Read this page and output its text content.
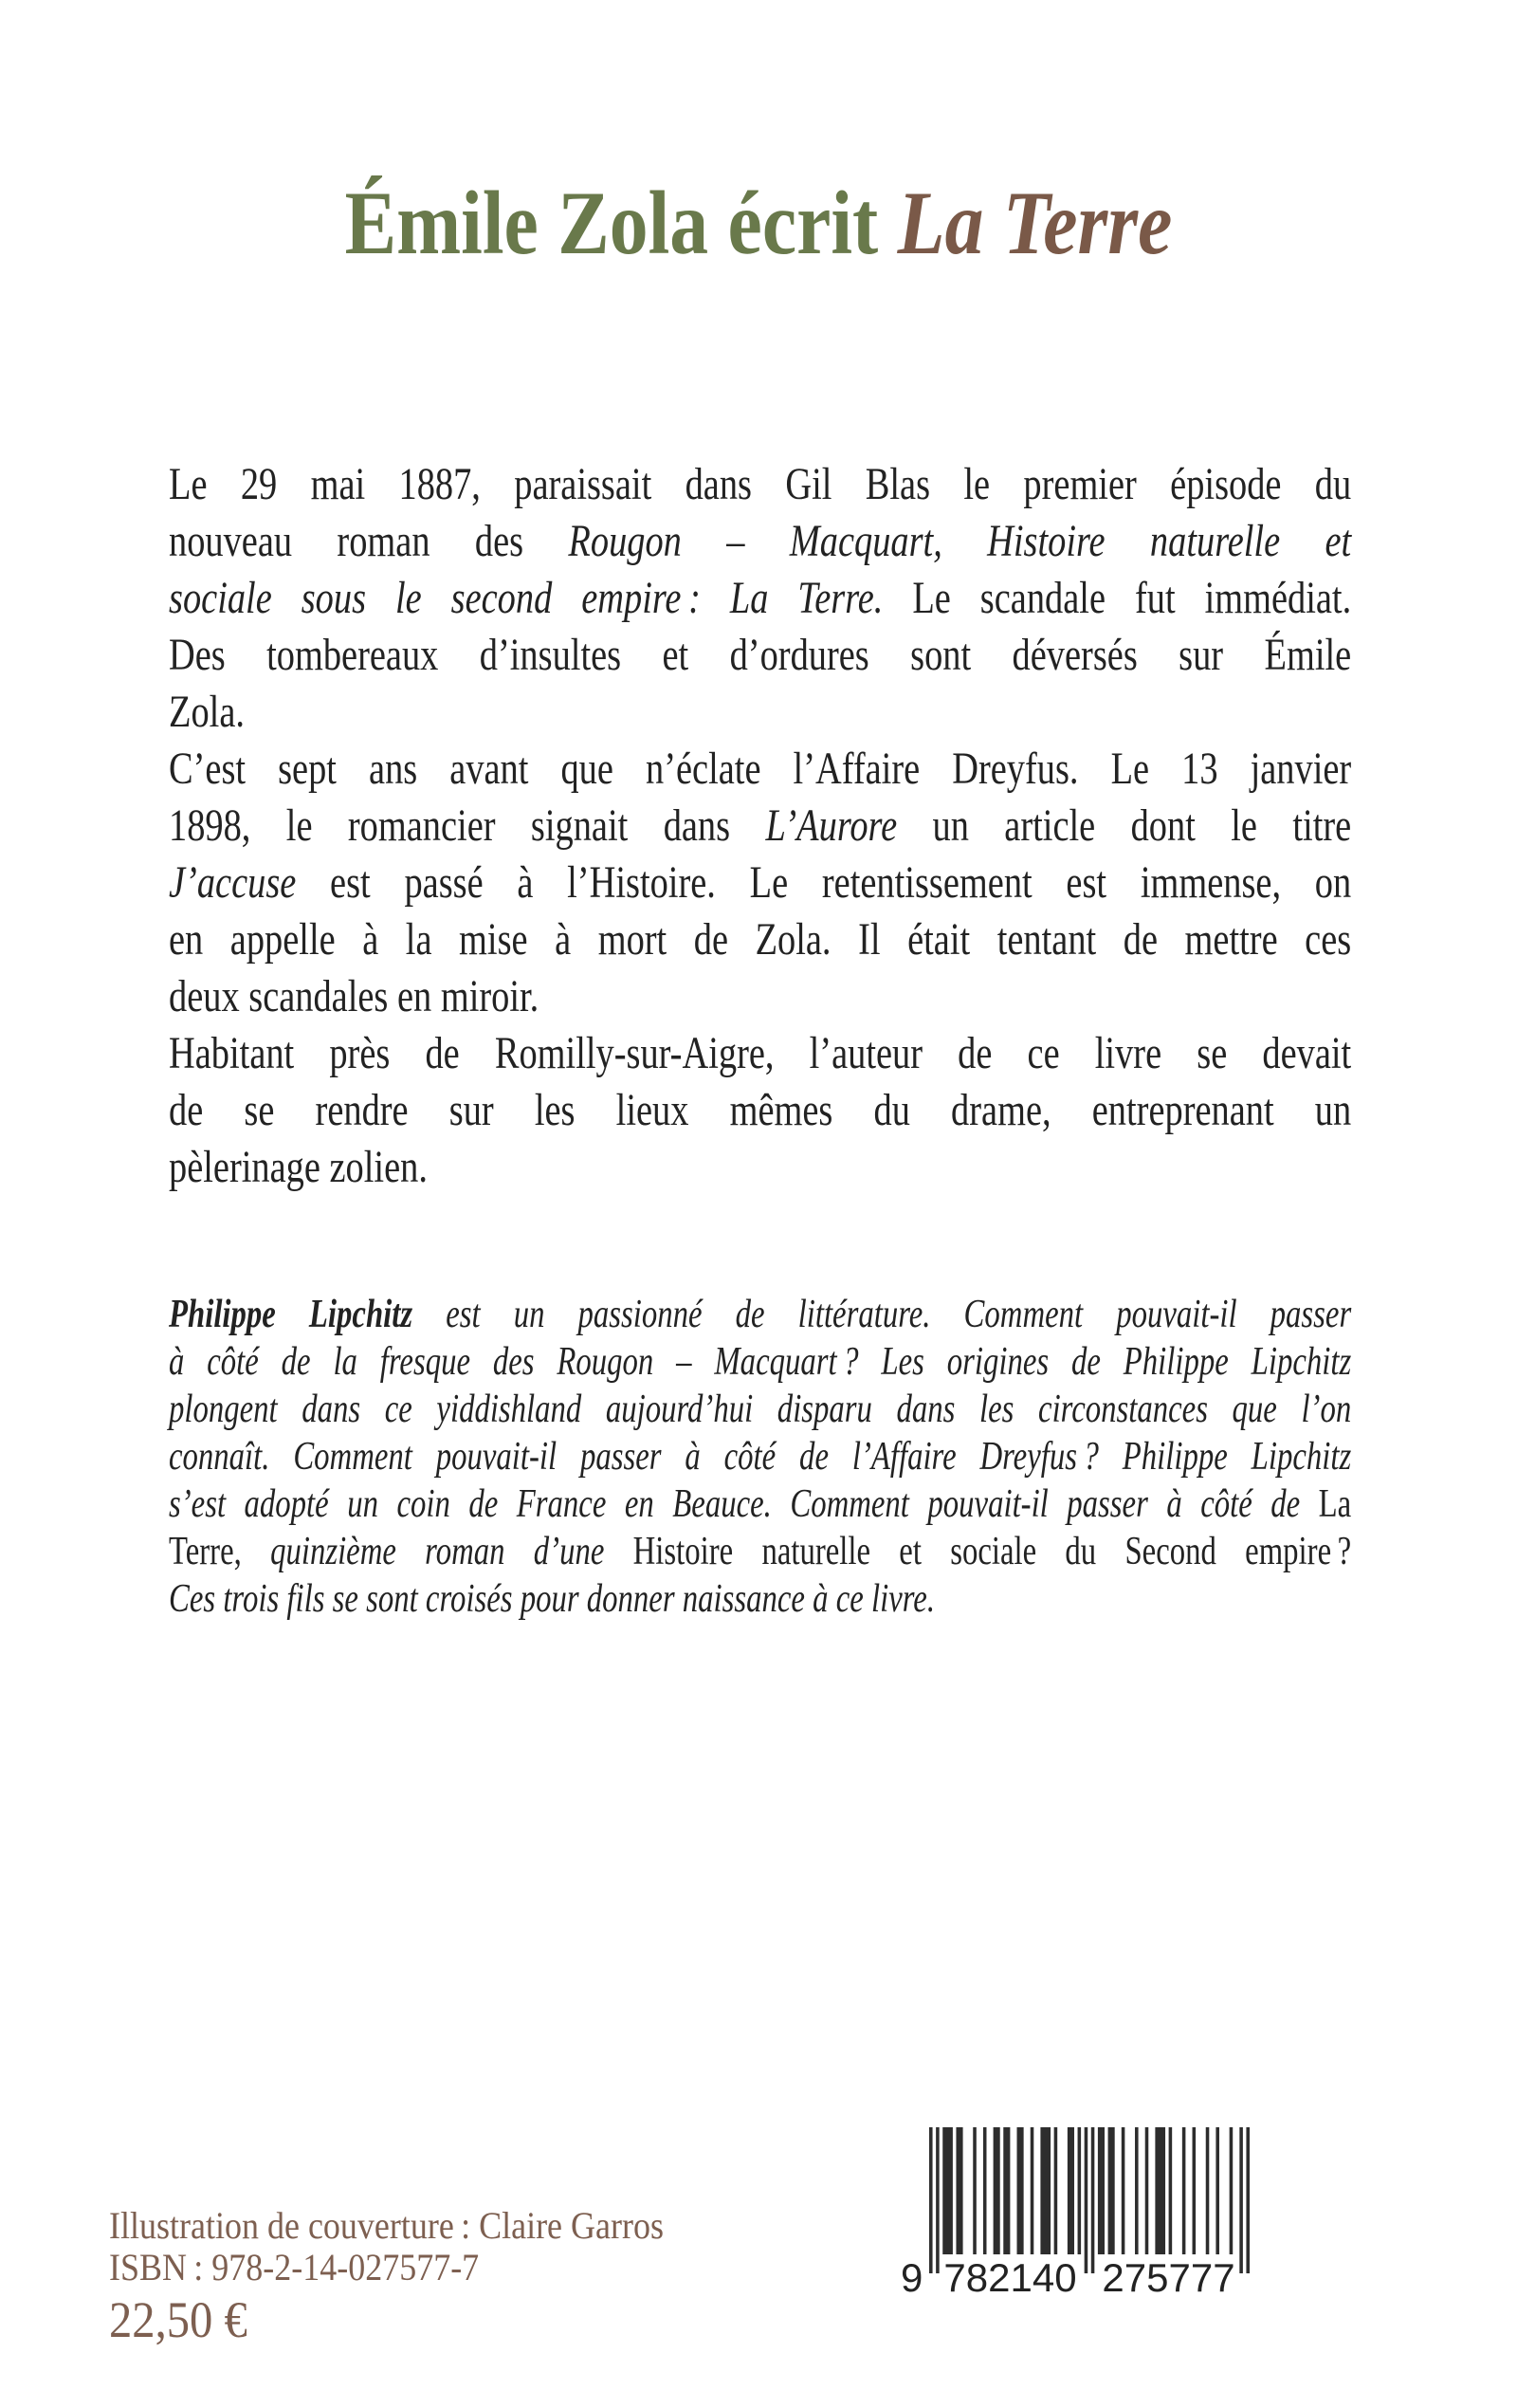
Émile Zola écrit La Terre
Le 29 mai 1887, paraissait dans Gil Blas le premier épisode du
nouveau roman des Rougon – Macquart, Histoire naturelle et
sociale sous le second empire : La Terre. Le scandale fut immédiat.
Des tombereaux d’insultes et d’ordures sont déversés sur Émile
Zola.
C’est sept ans avant que n’éclate l’Affaire Dreyfus. Le 13 janvier
1898, le romancier signait dans L’Aurore un article dont le titre
J’accuse est passé à l’Histoire. Le retentissement est immense, on
en appelle à la mise à mort de Zola. Il était tentant de mettre ces
deux scandales en miroir.
Habitant près de Romilly-sur-Aigre, l’auteur de ce livre se devait
de se rendre sur les lieux mêmes du drame, entreprenant un
pèlerinage zolien.
Philippe Lipchitz est un passionné de littérature. Comment pouvait-il passer
à côté de la fresque des Rougon – Macquart ? Les origines de Philippe Lipchitz
plongent dans ce yiddishland aujourd’hui disparu dans les circonstances que l’on
connaît. Comment pouvait-il passer à côté de l’Affaire Dreyfus ? Philippe Lipchitz
s’est adopté un coin de France en Beauce. Comment pouvait-il passer à côté de La
Terre, quinzième roman d’une Histoire naturelle et sociale du Second empire ?
Ces trois fils se sont croisés pour donner naissance à ce livre.
Illustration de couverture : Claire Garros
ISBN : 978-2-14-027577-7
22,50 €
9 782140 275777
